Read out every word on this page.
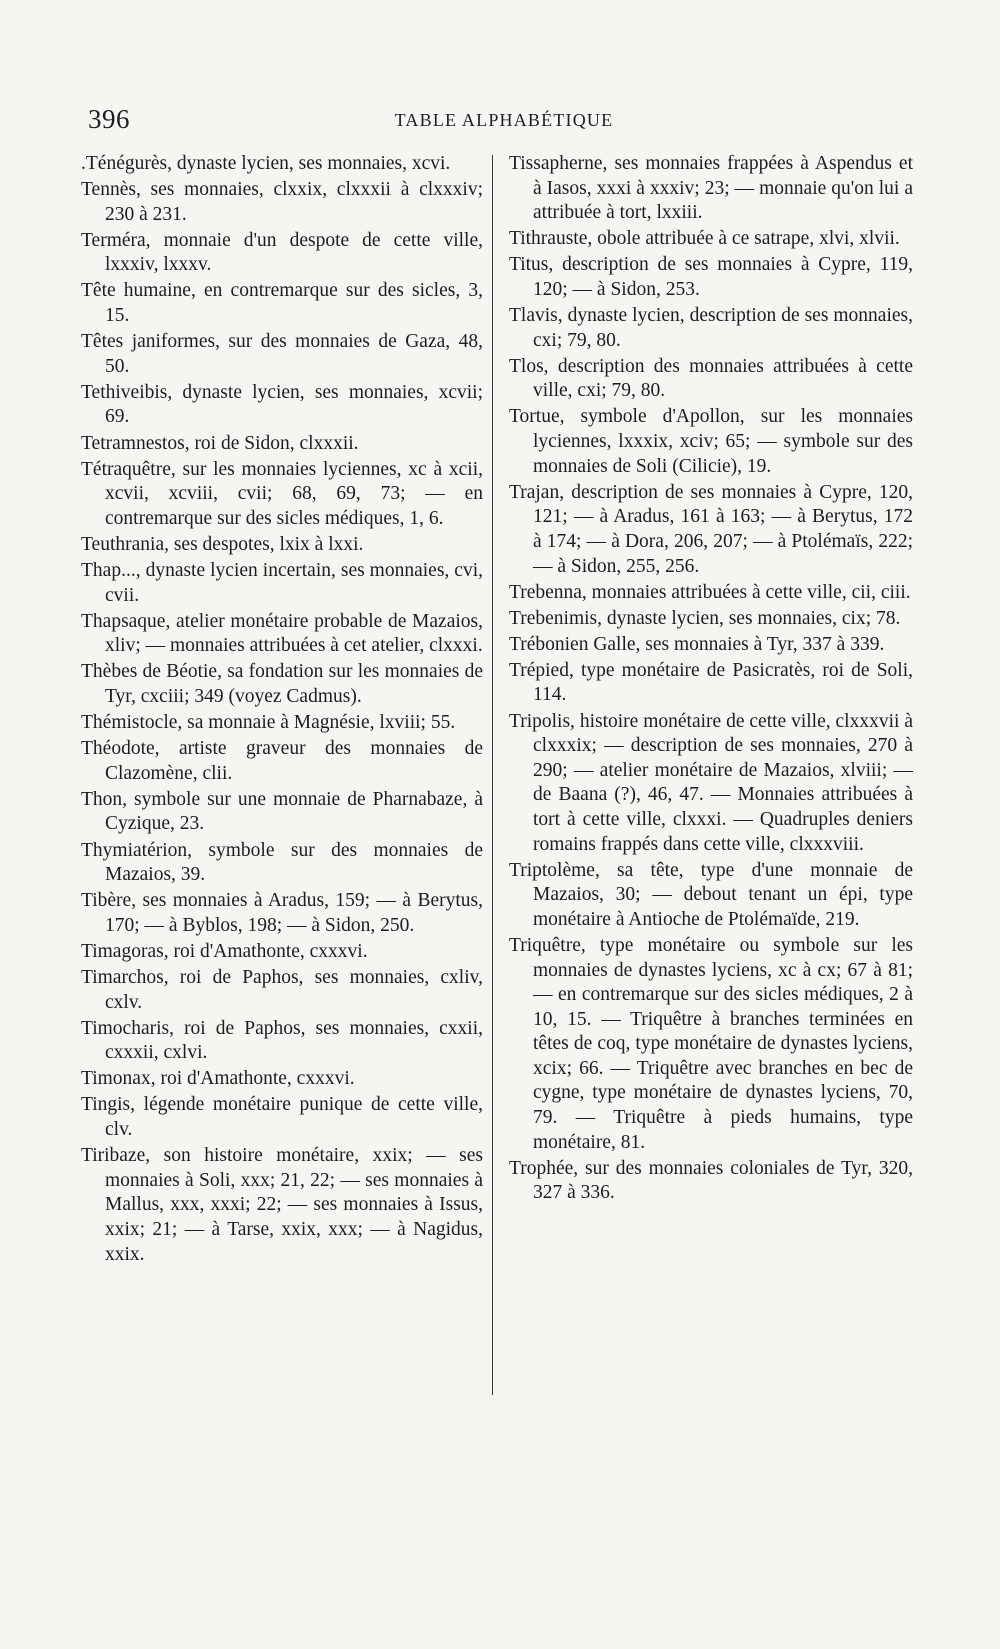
396	TABLE ALPHABÉTIQUE

.Ténégurès, dynaste lycien, ses monnaies, xcvi.

Tennès, ses monnaies, clxxix, clxxxii à clxxxiv; 230 à 231.

Terméra, monnaie d'un despote de cette ville, lxxxiv, lxxxv.

Tête humaine, en contremarque sur des sicles, 3, 15.

Têtes janiformes, sur des monnaies de Gaza, 48, 50.

Tethiveibis, dynaste lycien, ses monnaies, xcvii; 69.

Tetramnestos, roi de Sidon, clxxxii.

Tétraquêtre, sur les monnaies lyciennes, xc à xcii, xcvii, xcviii, cvii; 68, 69, 73; — en contremarque sur des sicles médiques, 1, 6.

Teuthrania, ses despotes, lxix à lxxi.

Thap..., dynaste lycien incertain, ses monnaies, cvi, cvii.

Thapsaque, atelier monétaire probable de Mazaios, xliv; — monnaies attribuées à cet atelier, clxxxi.

Thèbes de Béotie, sa fondation sur les monnaies de Tyr, cxciii; 349 (voyez Cadmus).

Thémistocle, sa monnaie à Magnésie, lxviii; 55.

Théodote, artiste graveur des monnaies de Clazomène, clii.

Thon, symbole sur une monnaie de Pharnabaze, à Cyzique, 23.

Thymiatérion, symbole sur des monnaies de Mazaios, 39.

Tibère, ses monnaies à Aradus, 159; — à Berytus, 170; — à Byblos, 198; — à Sidon, 250.

Timagoras, roi d'Amathonte, cxxxvi.

Timarchos, roi de Paphos, ses monnaies, cxliv, cxlv.

Timocharis, roi de Paphos, ses monnaies, cxxii, cxxxii, cxlvi.

Timonax, roi d'Amathonte, cxxxvi.

Tingis, légende monétaire punique de cette ville, clv.

Tiribaze, son histoire monétaire, xxix; — ses monnaies à Soli, xxx; 21, 22; — ses monnaies à Mallus, xxx, xxxi; 22; — ses monnaies à Issus, xxix; 21; — à Tarse, xxix, xxx; — à Nagidus, xxix.

Tissapherne, ses monnaies frappées à Aspendus et à Iasos, xxxi à xxxiv; 23; — monnaie qu'on lui a attribuée à tort, lxxiii.

Tithrauste, obole attribuée à ce satrape, xlvi, xlvii.

Titus, description de ses monnaies à Cypre, 119, 120; — à Sidon, 253.

Tlavis, dynaste lycien, description de ses monnaies, cxi; 79, 80.

Tlos, description des monnaies attribuées à cette ville, cxi; 79, 80.

Tortue, symbole d'Apollon, sur les monnaies lyciennes, lxxxix, xciv; 65; — symbole sur des monnaies de Soli (Cilicie), 19.

Trajan, description de ses monnaies à Cypre, 120, 121; — à Aradus, 161 à 163; — à Berytus, 172 à 174; — à Dora, 206, 207; — à Ptolémaïs, 222; — à Sidon, 255, 256.

Trebenna, monnaies attribuées à cette ville, cii, ciii.

Trebenimis, dynaste lycien, ses monnaies, cix; 78.

Trébonien Galle, ses monnaies à Tyr, 337 à 339.

Trépied, type monétaire de Pasicratès, roi de Soli, 114.

Tripolis, histoire monétaire de cette ville, clxxxvii à clxxxix; — description de ses monnaies, 270 à 290; — atelier monétaire de Mazaios, xlviii; — de Baana (?), 46, 47. — Monnaies attribuées à tort à cette ville, clxxxi. — Quadruples deniers romains frappés dans cette ville, clxxxviii.

Triptolème, sa tête, type d'une monnaie de Mazaios, 30; — debout tenant un épi, type monétaire à Antioche de Ptolémaïde, 219.

Triquêtre, type monétaire ou symbole sur les monnaies de dynastes lyciens, xc à cx; 67 à 81; — en contremarque sur des sicles médiques, 2 à 10, 15. — Triquêtre à branches terminées en têtes de coq, type monétaire de dynastes lyciens, xcix; 66. — Triquêtre avec branches en bec de cygne, type monétaire de dynastes lyciens, 70, 79. — Triquêtre à pieds humains, type monétaire, 81.

Trophée, sur des monnaies coloniales de Tyr, 320, 327 à 336.
